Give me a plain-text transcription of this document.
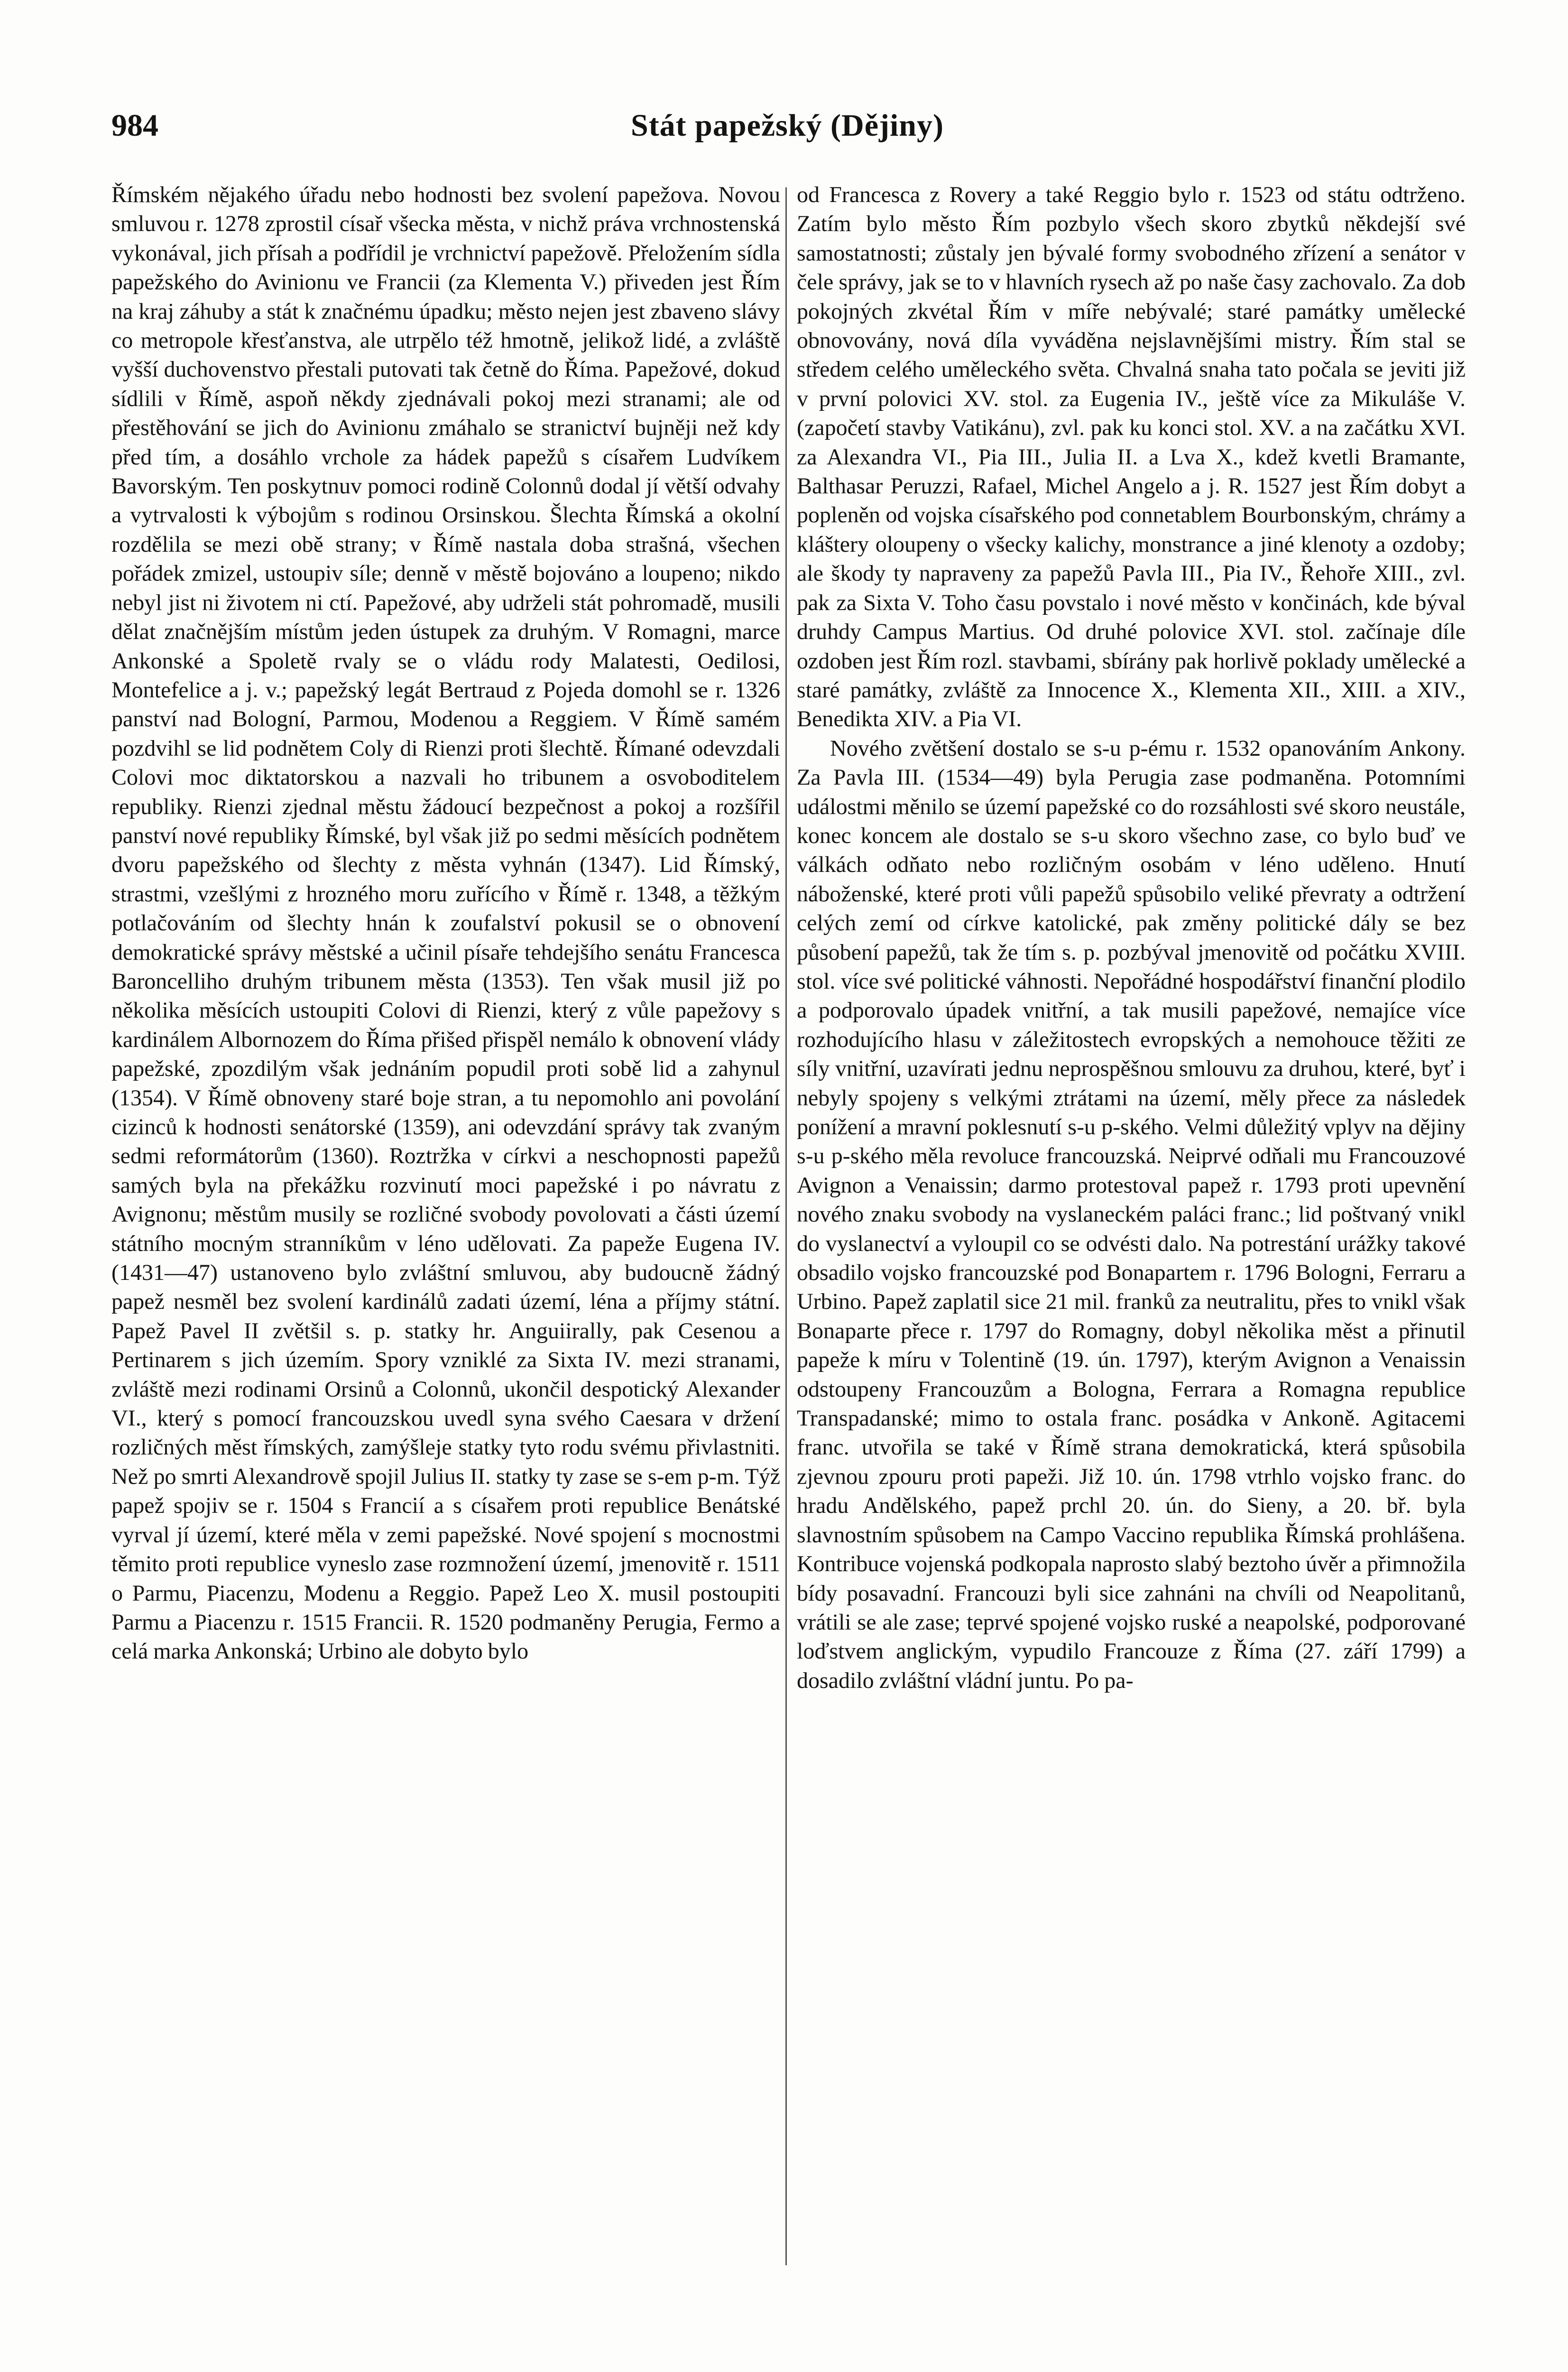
984	Stát papežský (Dějiny)

Římském nějakého úřadu nebo hodnosti bez svolení papežova. Novou smluvou r. 1278 zprostil císař všecka města, v nichž práva vrchnostenská vykonával, jich přísah a podřídil je vrchnictví papežově. Přeložením sídla papežského do Avinionu ve Francii (za Klementa V.) přiveden jest Řím na kraj záhuby a stát k značnému úpadku; město nejen jest zbaveno slávy co metropole křesťanstva, ale utrpělo též hmotně, jelikož lidé, a zvláště vyšší duchovenstvo přestali putovati tak četně do Říma. Papežové, dokud sídlili v Římě, aspoň někdy zjednávali pokoj mezi stranami; ale od přestěhování se jich do Avinionu zmáhalo se stranictví bujněji než kdy před tím, a dosáhlo vrchole za hádek papežů s císařem Ludvíkem Bavorským. Ten poskytnuv pomoci rodině Colonnů dodal jí větší odvahy a vytrvalosti k výbojům s rodinou Orsinskou. Šlechta Římská a okolní rozdělila se mezi obě strany; v Římě nastala doba strašná, všechen pořádek zmizel, ustoupiv síle; denně v městě bojováno a loupeno; nikdo nebyl jist ni životem ni ctí. Papežové, aby udrželi stát pohromadě, musili dělat značnějším místům jeden ústupek za druhým. V Romagni, marce Ankonské a Spoletě rvaly se o vládu rody Malatesti, Oedilosi, Montefelice a j. v.; papežský legát Bertraud z Pojeda domohl se r. 1326 panství nad Bologní, Parmou, Modenou a Reggiem. V Římě samém pozdvihl se lid podnětem Coly di Rienzi proti šlechtě. Římané odevzdali Colovi moc diktatorskou a nazvali ho tribunem a osvoboditelem republiky. Rienzi zjednal městu žádoucí bezpečnost a pokoj a rozšířil panství nové republiky Římské, byl však již po sedmi měsících podnětem dvoru papežského od šlechty z města vyhnán (1347). Lid Římský, strastmi, vzešlými z hrozného moru zuřícího v Římě r. 1348, a těžkým potlačováním od šlechty hnán k zoufalství pokusil se o obnovení demokratické správy městské a učinil písaře tehdejšího senátu Francesca Baroncelliho druhým tribunem města (1353). Ten však musil již po několika měsících ustoupiti Colovi di Rienzi, který z vůle papežovy s kardinálem Albornozem do Říma přišed přispěl nemálo k obnovení vlády papežské, zpozdilým však jednáním popudil proti sobě lid a zahynul (1354). V Římě obnoveny staré boje stran, a tu nepomohlo ani povolání cizinců k hodnosti senátorské (1359), ani odevzdání správy tak zvaným sedmi reformátorům (1360). Roztržka v církvi a neschopnosti papežů samých byla na překážku rozvinutí moci papežské i po návratu z Avignonu; městům musily se rozličné svobody povolovati a části území státního mocným stranníkům v léno udělovati. Za papeže Eugena IV. (1431—47) ustanoveno bylo zvláštní smluvou, aby budoucně žádný papež nesměl bez svolení kardinálů zadati území, léna a příjmy státní. Papež Pavel II zvětšil s. p. statky hr. Anguiirally, pak Cesenou a Pertinarem s jich územím. Spory vzniklé za Sixta IV. mezi stranami, zvláště mezi rodinami Orsinů a Colonnů, ukončil despotický Alexander VI., který s pomocí francouzskou uvedl syna svého Caesara v držení rozličných měst římských, zamýšleje statky tyto rodu svému přivlastniti. Než po smrti Alexandrově spojil Julius II. statky ty zase se s-em p-m. Týž papež spojiv se r. 1504 s Francií a s císařem proti republice Benátské vyrval jí území, které měla v zemi papežské. Nové spojení s mocnostmi těmito proti republice vyneslo zase rozmnožení území, jmenovitě r. 1511 o Parmu, Piacenzu, Modenu a Reggio. Papež Leo X. musil postoupiti Parmu a Piacenzu r. 1515 Francii. R. 1520 podmaněny Perugia, Fermo a celá marka Ankonská; Urbino ale dobyto bylo

od Francesca z Rovery a také Reggio bylo r. 1523 od státu odtrženo. Zatím bylo město Řím pozbylo všech skoro zbytků někdejší své samostatnosti; zůstaly jen bývalé formy svobodného zřízení a senátor v čele správy, jak se to v hlavních rysech až po naše časy zachovalo. Za dob pokojných zkvétal Řím v míře nebývalé; staré památky umělecké obnovovány, nová díla vyváděna nejslavnějšími mistry. Řím stal se středem celého uměleckého světa. Chvalná snaha tato počala se jeviti již v první polovici XV. stol. za Eugenia IV., ještě více za Mikuláše V. (započetí stavby Vatikánu), zvl. pak ku konci stol. XV. a na začátku XVI. za Alexandra VI., Pia III., Julia II. a Lva X., kdež kvetli Bramante, Balthasar Peruzzi, Rafael, Michel Angelo a j. R. 1527 jest Řím dobyt a popleněn od vojska císařského pod connetablem Bourbonským, chrámy a kláštery oloupeny o všecky kalichy, monstrance a jiné klenoty a ozdoby; ale škody ty napraveny za papežů Pavla III., Pia IV., Řehoře XIII., zvl. pak za Sixta V. Toho času povstalo i nové město v končinách, kde býval druhdy Campus Martius. Od druhé polovice XVI. stol. začínaje díle ozdoben jest Řím rozl. stavbami, sbírány pak horlivě poklady umělecké a staré památky, zvláště za Innocence X., Klementa XII., XIII. a XIV., Benedikta XIV. a Pia VI.

Nového zvětšení dostalo se s-u p-ému r. 1532 opanováním Ankony. Za Pavla III. (1534—49) byla Perugia zase podmaněna. Potomními událostmi měnilo se území papežské co do rozsáhlosti své skoro neustále, konec koncem ale dostalo se s-u skoro všechno zase, co bylo buď ve válkách odňato nebo rozličným osobám v léno uděleno. Hnutí náboženské, které proti vůli papežů spůsobilo veliké převraty a odtržení celých zemí od církve katolické, pak změny politické dály se bez působení papežů, tak že tím s. p. pozbýval jmenovitě od počátku XVIII. stol. více své politické váhnosti. Nepořádné hospodářství finanční plodilo a podporovalo úpadek vnitřní, a tak musili papežové, nemajíce více rozhodujícího hlasu v záležitostech evropských a nemohouce těžiti ze síly vnitřní, uzavírati jednu neprospěšnou smlouvu za druhou, které, byť i nebyly spojeny s velkými ztrátami na území, měly přece za následek ponížení a mravní poklesnutí s-u p-ského. Velmi důležitý vplyv na dějiny s-u p-ského měla revoluce francouzská. Neiprvé odňali mu Francouzové Avignon a Venaissin; darmo protestoval papež r. 1793 proti upevnění nového znaku svobody na vyslaneckém paláci franc.; lid poštvaný vnikl do vyslanectví a vyloupil co se odvésti dalo. Na potrestání urážky takové obsadilo vojsko francouzské pod Bonapartem r. 1796 Bologni, Ferraru a Urbino. Papež zaplatil sice 21 mil. franků za neutralitu, přes to vnikl však Bonaparte přece r. 1797 do Romagny, dobyl několika měst a přinutil papeže k míru v Tolentině (19. ún. 1797), kterým Avignon a Venaissin odstoupeny Francouzům a Bologna, Ferrara a Romagna republice Transpadanské; mimo to ostala franc. posádka v Ankoně. Agitacemi franc. utvořila se také v Římě strana demokratická, která spůsobila zjevnou zpouru proti papeži. Již 10. ún. 1798 vtrhlo vojsko franc. do hradu Andělského, papež prchl 20. ún. do Sieny, a 20. bř. byla slavnostním spůsobem na Campo Vaccino republika Římská prohlášena. Kontribuce vojenská podkopala naprosto slabý beztoho úvěr a přimnožila bídy posavadní. Francouzi byli sice zahnáni na chvíli od Neapolitanů, vrátili se ale zase; teprvé spojené vojsko ruské a neapolské, podporované loďstvem anglickým, vypudilo Francouze z Říma (27. září 1799) a dosadilo zvláštní vládní juntu. Po pa-
